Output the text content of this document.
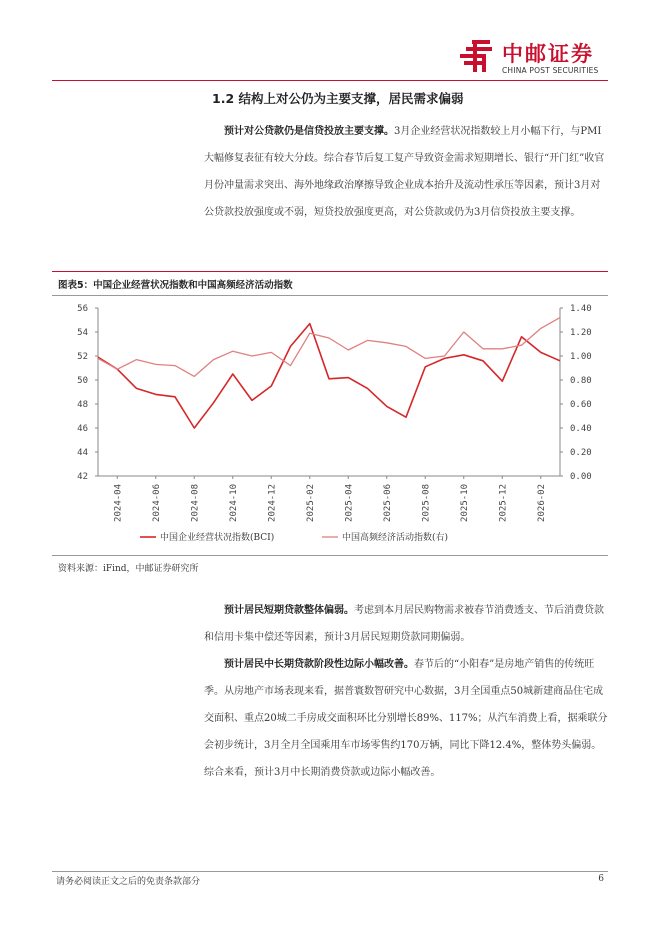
中邮证券
CHINA POST SECURITIES
1.2 结构上对公仍为主要支撑，居民需求偏弱
预计对公贷款仍是信贷投放主要支撑。3月企业经营状况指数较上月小幅下行，与PMI大幅修复表征有较大分歧。综合春节后复工复产导致资金需求短期增长、银行“开门红”收官月份冲量需求突出、海外地缘政治摩擦导致企业成本抬升及流动性承压等因素，预计3月对公贷款投放强度或不弱，短贷投放强度更高，对公贷款或仍为3月信贷投放主要支撑。
图表5：中国企业经营状况指数和中国高频经济活动指数
42
44
46
48
50
52
54
56
0.00
0.20
0.40
0.60
0.80
1.00
1.20
1.40
2024-04	2024-06	2024-08	2024-10	2024-12	2025-02	2025-04	2025-06	2025-08	2025-10	2025-12	2026-02
中国企业经营状况指数(BCI)	中国高频经济活动指数(右)
资料来源：iFind，中邮证券研究所
预计居民短期贷款整体偏弱。考虑到本月居民购物需求被春节消费透支、节后消费贷款和信用卡集中偿还等因素，预计3月居民短期贷款同期偏弱。
预计居民中长期贷款阶段性边际小幅改善。春节后的“小阳春”是房地产销售的传统旺季。从房地产市场表现来看，据普寰数智研究中心数据，3月全国重点50城新建商品住宅成交面积、重点20城二手房成交面积环比分别增长89%、117%；从汽车消费上看，据乘联分会初步统计，3月全月全国乘用车市场零售约170万辆，同比下降12.4%，整体势头偏弱。综合来看，预计3月中长期消费贷款或边际小幅改善。
请务必阅读正文之后的免责条款部分	6
